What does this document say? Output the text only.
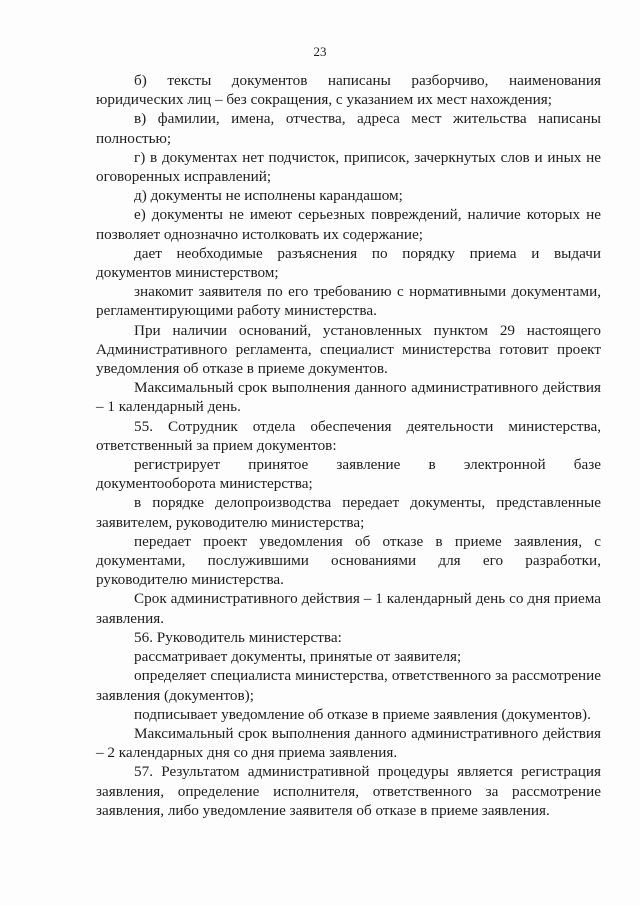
23

б) тексты документов написаны разборчиво, наименования юридических лиц – без сокращения, с указанием их мест нахождения;

в) фамилии, имена, отчества, адреса мест жительства написаны полностью;

г) в документах нет подчисток, приписок, зачеркнутых слов и иных не оговоренных исправлений;

д) документы не исполнены карандашом;

е) документы не имеют серьезных повреждений, наличие которых не позволяет однозначно истолковать их содержание;

дает необходимые разъяснения по порядку приема и выдачи документов министерством;

знакомит заявителя по его требованию с нормативными документами, регламентирующими работу министерства.

При наличии оснований, установленных пунктом 29 настоящего Административного регламента, специалист министерства готовит проект уведомления об отказе в приеме документов.

Максимальный срок выполнения данного административного действия – 1 календарный день.

55. Сотрудник отдела обеспечения деятельности министерства, ответственный за прием документов:

регистрирует принятое заявление в электронной базе документооборота министерства;

в порядке делопроизводства передает документы, представленные заявителем, руководителю министерства;

передает проект уведомления об отказе в приеме заявления, с документами, послужившими основаниями для его разработки, руководителю министерства.

Срок административного действия – 1 календарный день со дня приема заявления.

56. Руководитель министерства:

рассматривает документы, принятые от заявителя;

определяет специалиста министерства, ответственного за рассмотрение заявления (документов);

подписывает уведомление об отказе в приеме заявления (документов).

Максимальный срок выполнения данного административного действия – 2 календарных дня со дня приема заявления.

57. Результатом административной процедуры является регистрация заявления, определение исполнителя, ответственного за рассмотрение заявления, либо уведомление заявителя об отказе в приеме заявления.
